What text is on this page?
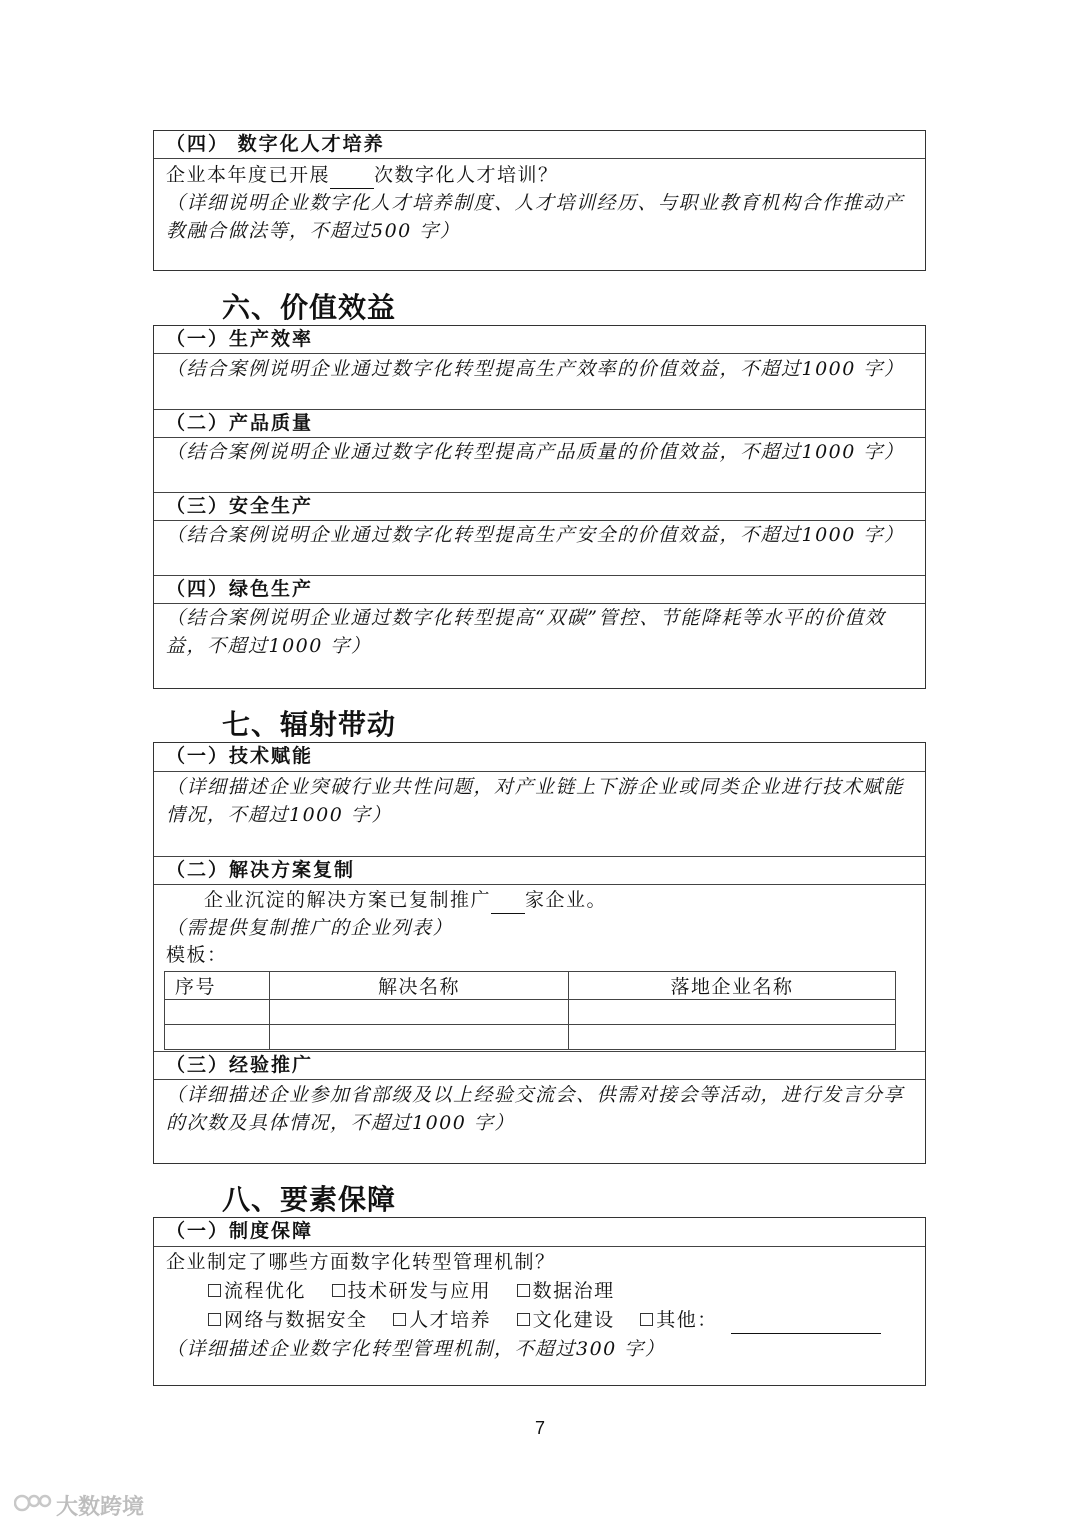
（四） 数字化人才培养
企业本年度已开展 次数字化人才培训？
（详细说明企业数字化人才培养制度、人才培训经历、与职业教育机构合作推动产教融合做法等，不超过500 字）
六、价值效益
（一）生产效率
（结合案例说明企业通过数字化转型提高生产效率的价值效益，不超过1000 字）
（二）产品质量
（结合案例说明企业通过数字化转型提高产品质量的价值效益，不超过1000 字）
（三）安全生产
（结合案例说明企业通过数字化转型提高生产安全的价值效益，不超过1000 字）
（四）绿色生产
（结合案例说明企业通过数字化转型提高“双碳”管控、节能降耗等水平的价值效益，不超过1000 字）
七、辐射带动
（一）技术赋能
（详细描述企业突破行业共性问题，对产业链上下游企业或同类企业进行技术赋能情况，不超过1000 字）
（二）解决方案复制
企业沉淀的解决方案已复制推广 家企业。
（需提供复制推广的企业列表）
模板：
序号	解决名称	落地企业名称

（三）经验推广
（详细描述企业参加省部级及以上经验交流会、供需对接会等活动，进行发言分享的次数及具体情况，不超过1000 字）
八、要素保障
（一）制度保障
企业制定了哪些方面数字化转型管理机制？
流程优化 技术研发与应用 数据治理
网络与数据安全 人才培养 文化建设 其他：
（详细描述企业数字化转型管理机制，不超过300 字）
7
大数跨境
